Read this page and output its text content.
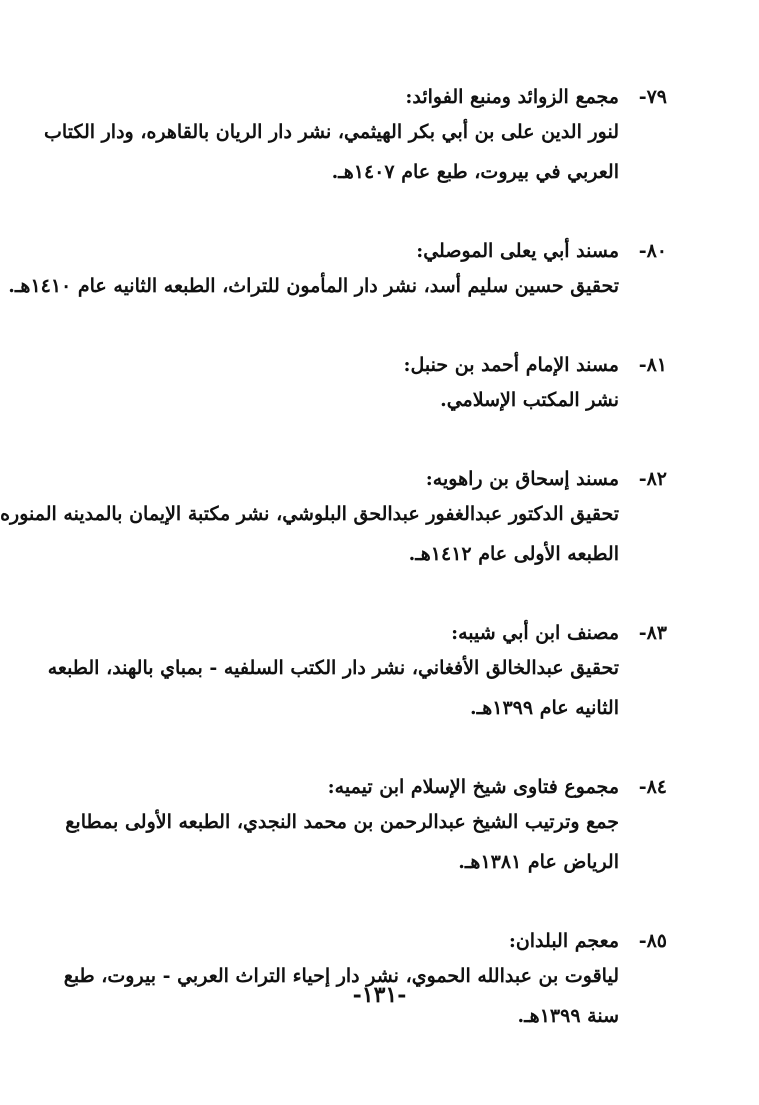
٧٩-
مجمع الزوائد ومنبع الفوائد:
لنور الدين على بن أبي بكر الهيثمي، نشر دار الريان بالقاهره، ودار الكتاب
العربي في بيروت، طبع عام ١٤٠٧هـ.
٨٠-
مسند أبي يعلى الموصلي:
تحقيق حسين سليم أسد، نشر دار المأمون للتراث، الطبعه الثانيه عام ١٤١٠هـ.
٨١-
مسند الإمام أحمد بن حنبل:
نشر المكتب الإسلامي.
٨٢-
مسند إسحاق بن راهويه:
تحقيق الدكتور عبدالغفور عبدالحق البلوشي، نشر مكتبة الإيمان بالمدينه المنوره
الطبعه الأولى عام ١٤١٢هـ.
٨٣-
مصنف ابن أبي شيبه:
تحقيق عبدالخالق الأفغاني، نشر دار الكتب السلفيه - بمباي بالهند، الطبعه
الثانيه عام ١٣٩٩هـ.
٨٤-
مجموع فتاوى شيخ الإسلام ابن تيميه:
جمع وترتيب الشيخ عبدالرحمن بن محمد النجدي، الطبعه الأولى بمطابع
الرياض عام ١٣٨١هـ.
٨٥-
معجم البلدان:
لياقوت بن عبدالله الحموي، نشر دار إحياء التراث العربي - بيروت، طبع
سنة ١٣٩٩هـ.
-١٣١-
